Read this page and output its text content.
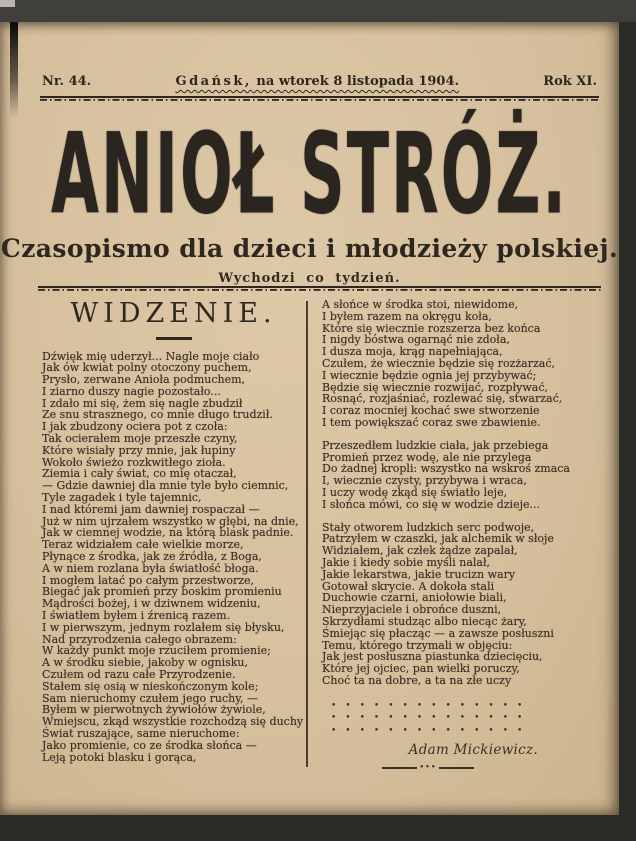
Nr. 44.	Gdańsk, na wtorek 8 listopada 1904.	Rok XI.
ANIOŁ STRÓŻ.
Czasopismo dla dzieci i młodzieży polskiej.
Wychodzi co tydzień.
WIDZENIE.
Dźwięk mię uderzył... Nagle moje ciało
Jak ów kwiat polny otoczony puchem,
Prysło, zerwane Anioła podmuchem,
I ziarno duszy nagie pozostało...
I zdało mi się, żem się nagle zbudził
Ze snu strasznego, co mnie długo trudził.
I jak zbudzony ociera pot z czoła:
Tak ocierałem moje przeszłe czyny,
Które wisiały przy mnie, jak łupiny
Wokoło świeżo rozkwitłego zioła.
Ziemia i cały świat, co mię otaczał,
— Gdzie dawniej dla mnie tyle było ciemnic,
Tyle zagadek i tyle tajemnic,
I nad któremi jam dawniej rospaczał —
Już w nim ujrzałem wszystko w głębi, na dnie,
Jak w ciemnej wodzie, na którą blask padnie.
Teraz widziałem całe wielkie morze,
Płynące z środka, jak ze źródła, z Boga,
A w niem rozlana była światłość błoga.
I mogłem latać po całym przestworze,
Biegać jak promień przy boskim promieniu
Mądrości bożej, i w dziwnem widzeniu,
I światłem byłem i źrenicą razem.
I w pierwszym, jednym rozlałem się błysku,
Nad przyrodzenia całego obrazem:
W każdy punkt moje rzuciłem promienie;
A w środku siebie, jakoby w ognisku,
Czułem od razu całe Przyrodzenie.
Stałem się osią w nieskończonym kole;
Sam nieruchomy czułem jego ruchy, —
Byłem w pierwotnych żywiołów żywiole,
Wmiejscu, zkąd wszystkie rozchodzą się duchy
Świat ruszające, same nieruchome:
Jako promienie, co ze środka słońca —
Leją potoki blasku i gorąca,
A słońce w środka stoi, niewidome,
I byłem razem na okręgu koła,
Które się wiecznie rozszerza bez końca
I nigdy bóstwa ogarnąć nie zdoła,
I dusza moja, krąg napełniająca,
Czułem, że wiecznie będzie się rozżarzać,
I wiecznie będzie ognia jej przybywać;
Będzie się wiecznie rozwijać, rozpływać,
Rosnąć, rozjaśniać, rozlewać się, stwarzać,
I coraz mocniej kochać swe stworzenie
I tem powiększać coraz swe zbawienie.
Przeszedłem ludzkie ciała, jak przebiega
Promień przez wodę, ale nie przylega
Do żadnej kropli: wszystko na wskroś zmaca
I, wiecznie czysty, przybywa i wraca,
I uczy wodę zkąd się światło leje,
I słońca mówi, co się w wodzie dzieje...
Stały otworem ludzkich serc podwoje,
Patrzyłem w czaszki, jak alchemik w słoje
Widziałem, jak człek żądze zapalał,
Jakie i kiedy sobie myśli nalał,
Jakie lekarstwa, jakie trucizn wary
Gotował skrycie. A dokoła stali
Duchowie czarni, aniołowie biali,
Nieprzyjaciele i obrońce duszni,
Skrzydłami studząc albo niecąc żary,
Śmiejąc się płacząc — a zawsze posłuszni
Temu, którego trzymali w objęciu:
Jak jest posłuszna piastunka dziecięciu,
Które jej ojciec, pan wielki poruczy,
Choć ta na dobre, a ta na złe uczy
••••••••••••••
••••••••••••••
••••••••••••••
Adam Mickiewicz.
•••
